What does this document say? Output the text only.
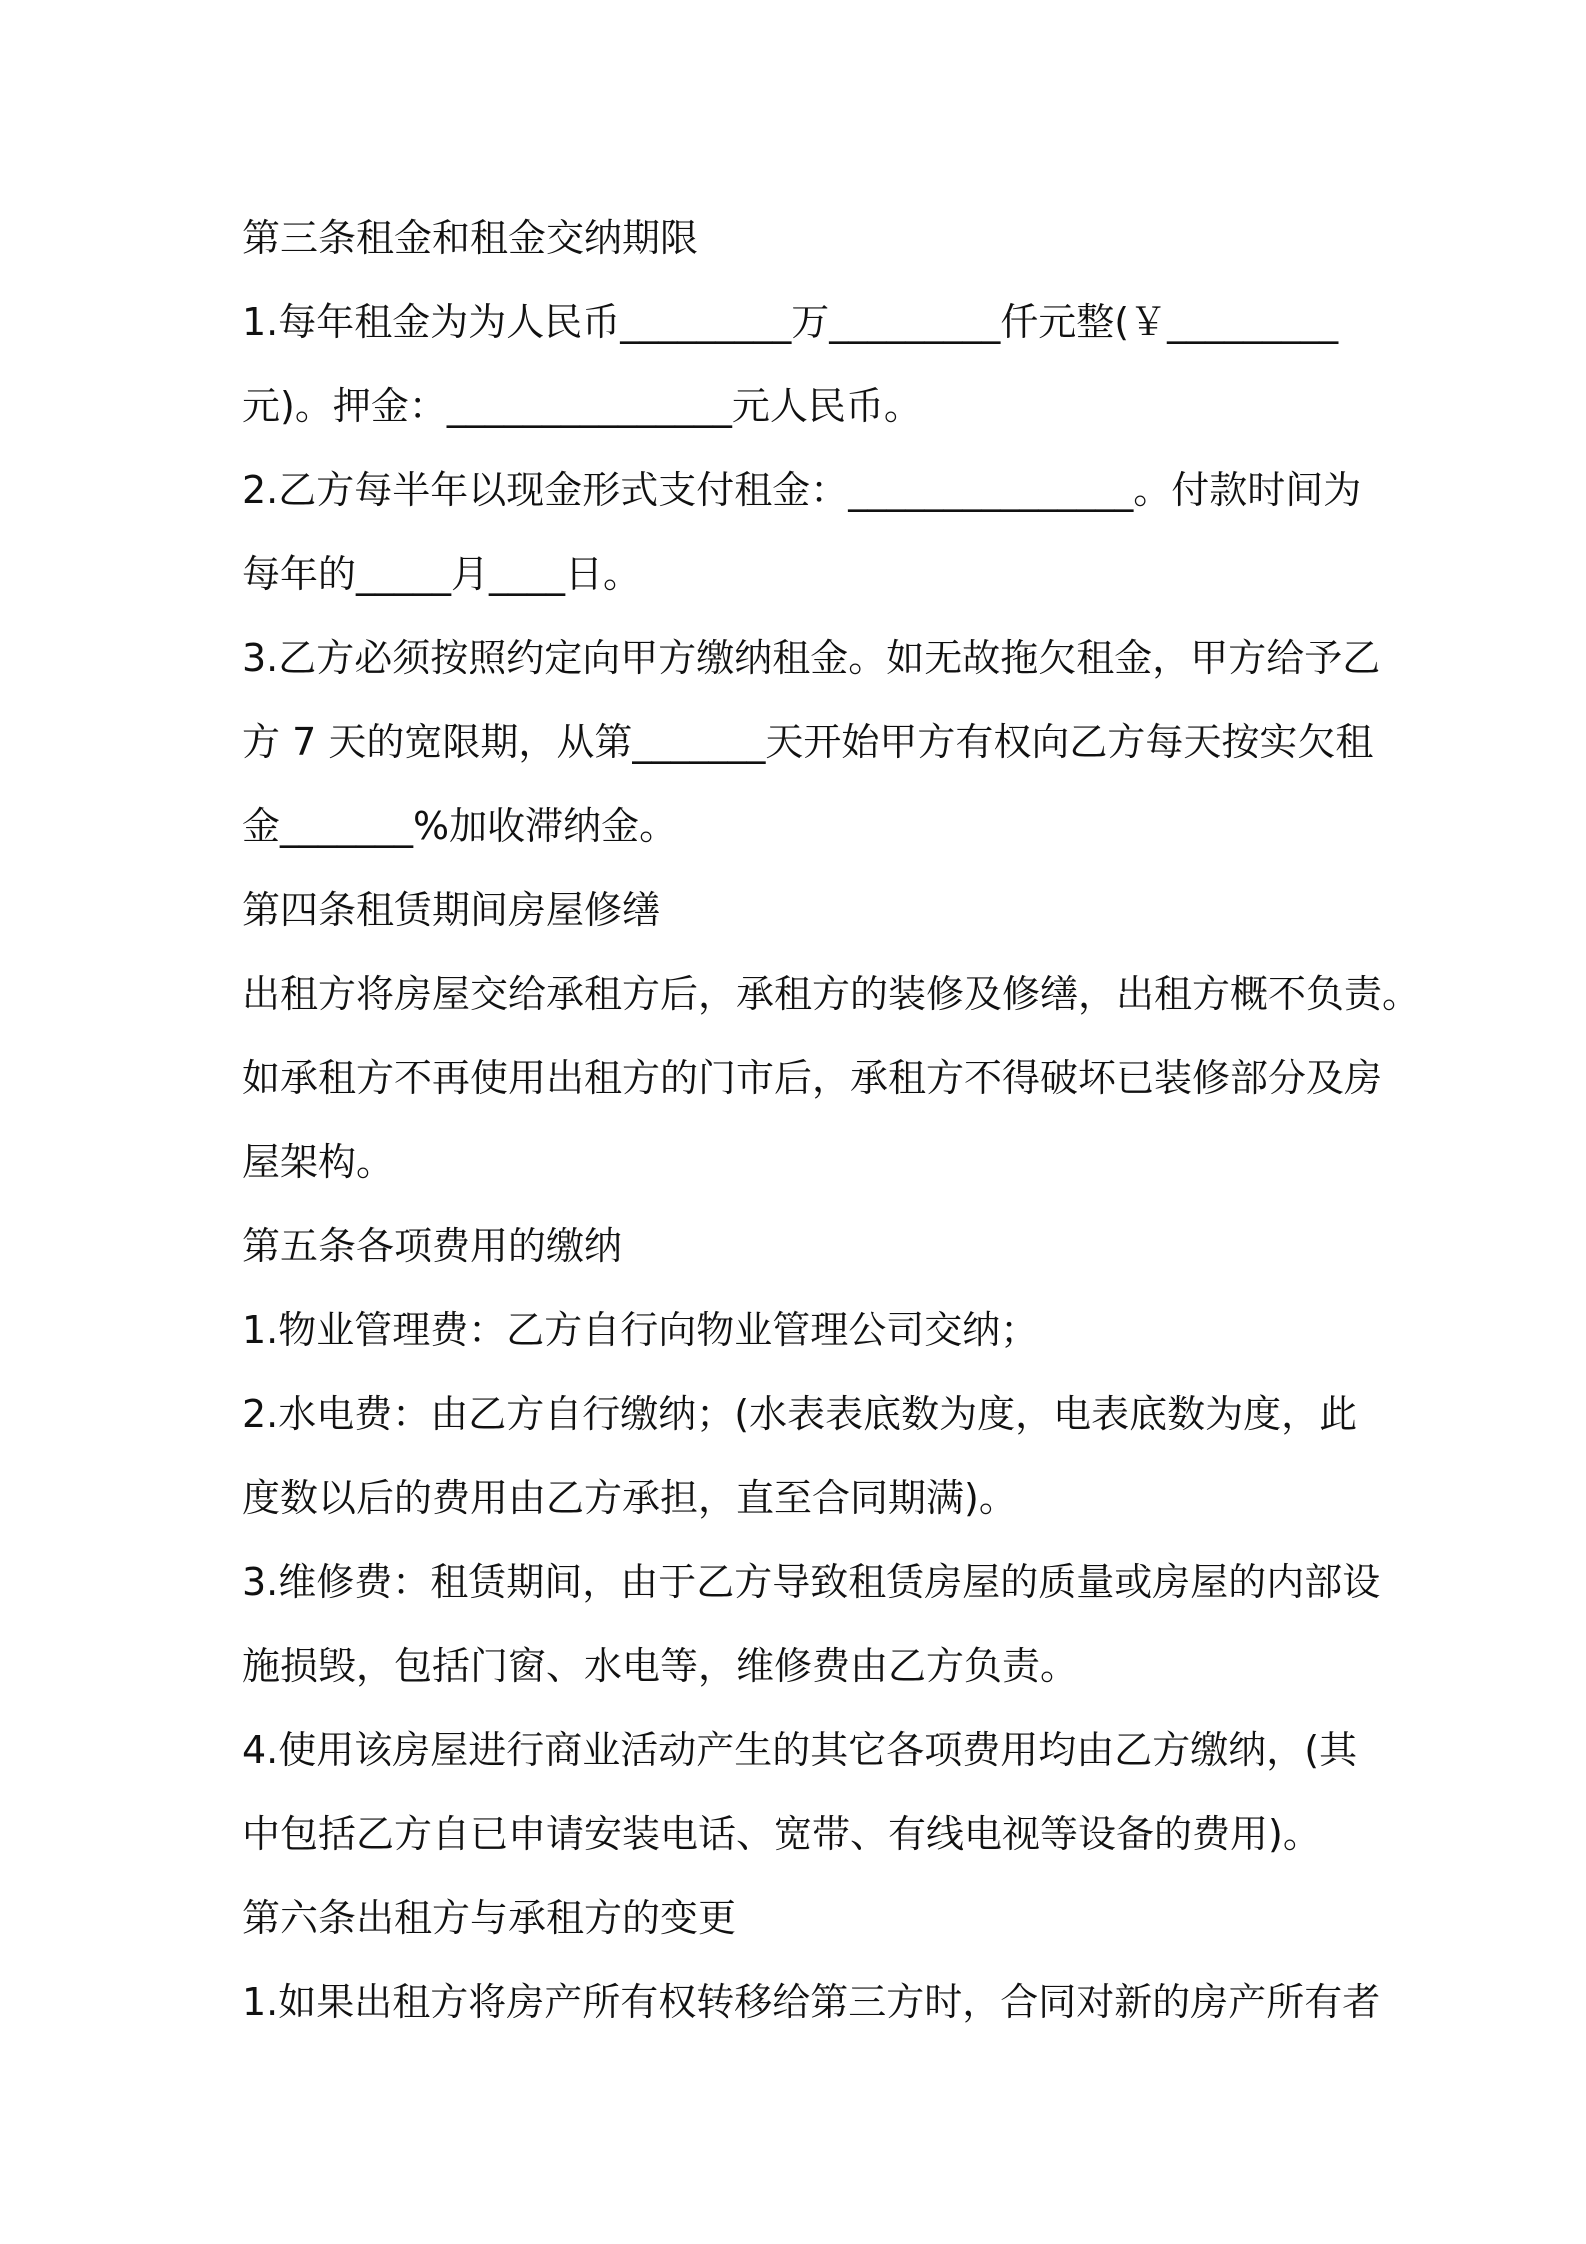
第三条租金和租金交纳期限
1.每年租金为为人民币_________万_________仟元整(￥_________
元)。押金：_______________元人民币。
2.乙方每半年以现金形式支付租金：_______________。付款时间为
每年的_____月____日。
3.乙方必须按照约定向甲方缴纳租金。如无故拖欠租金，甲方给予乙
方 7 天的宽限期，从第_______天开始甲方有权向乙方每天按实欠租
金_______%加收滞纳金。
第四条租赁期间房屋修缮
出租方将房屋交给承租方后，承租方的装修及修缮，出租方概不负责。
如承租方不再使用出租方的门市后，承租方不得破坏已装修部分及房
屋架构。
第五条各项费用的缴纳
1.物业管理费：乙方自行向物业管理公司交纳；
2.水电费：由乙方自行缴纳；(水表表底数为度，电表底数为度，此
度数以后的费用由乙方承担，直至合同期满)。
3.维修费：租赁期间，由于乙方导致租赁房屋的质量或房屋的内部设
施损毁，包括门窗、水电等，维修费由乙方负责。
4.使用该房屋进行商业活动产生的其它各项费用均由乙方缴纳，(其
中包括乙方自已申请安装电话、宽带、有线电视等设备的费用)。
第六条出租方与承租方的变更
1.如果出租方将房产所有权转移给第三方时，合同对新的房产所有者
